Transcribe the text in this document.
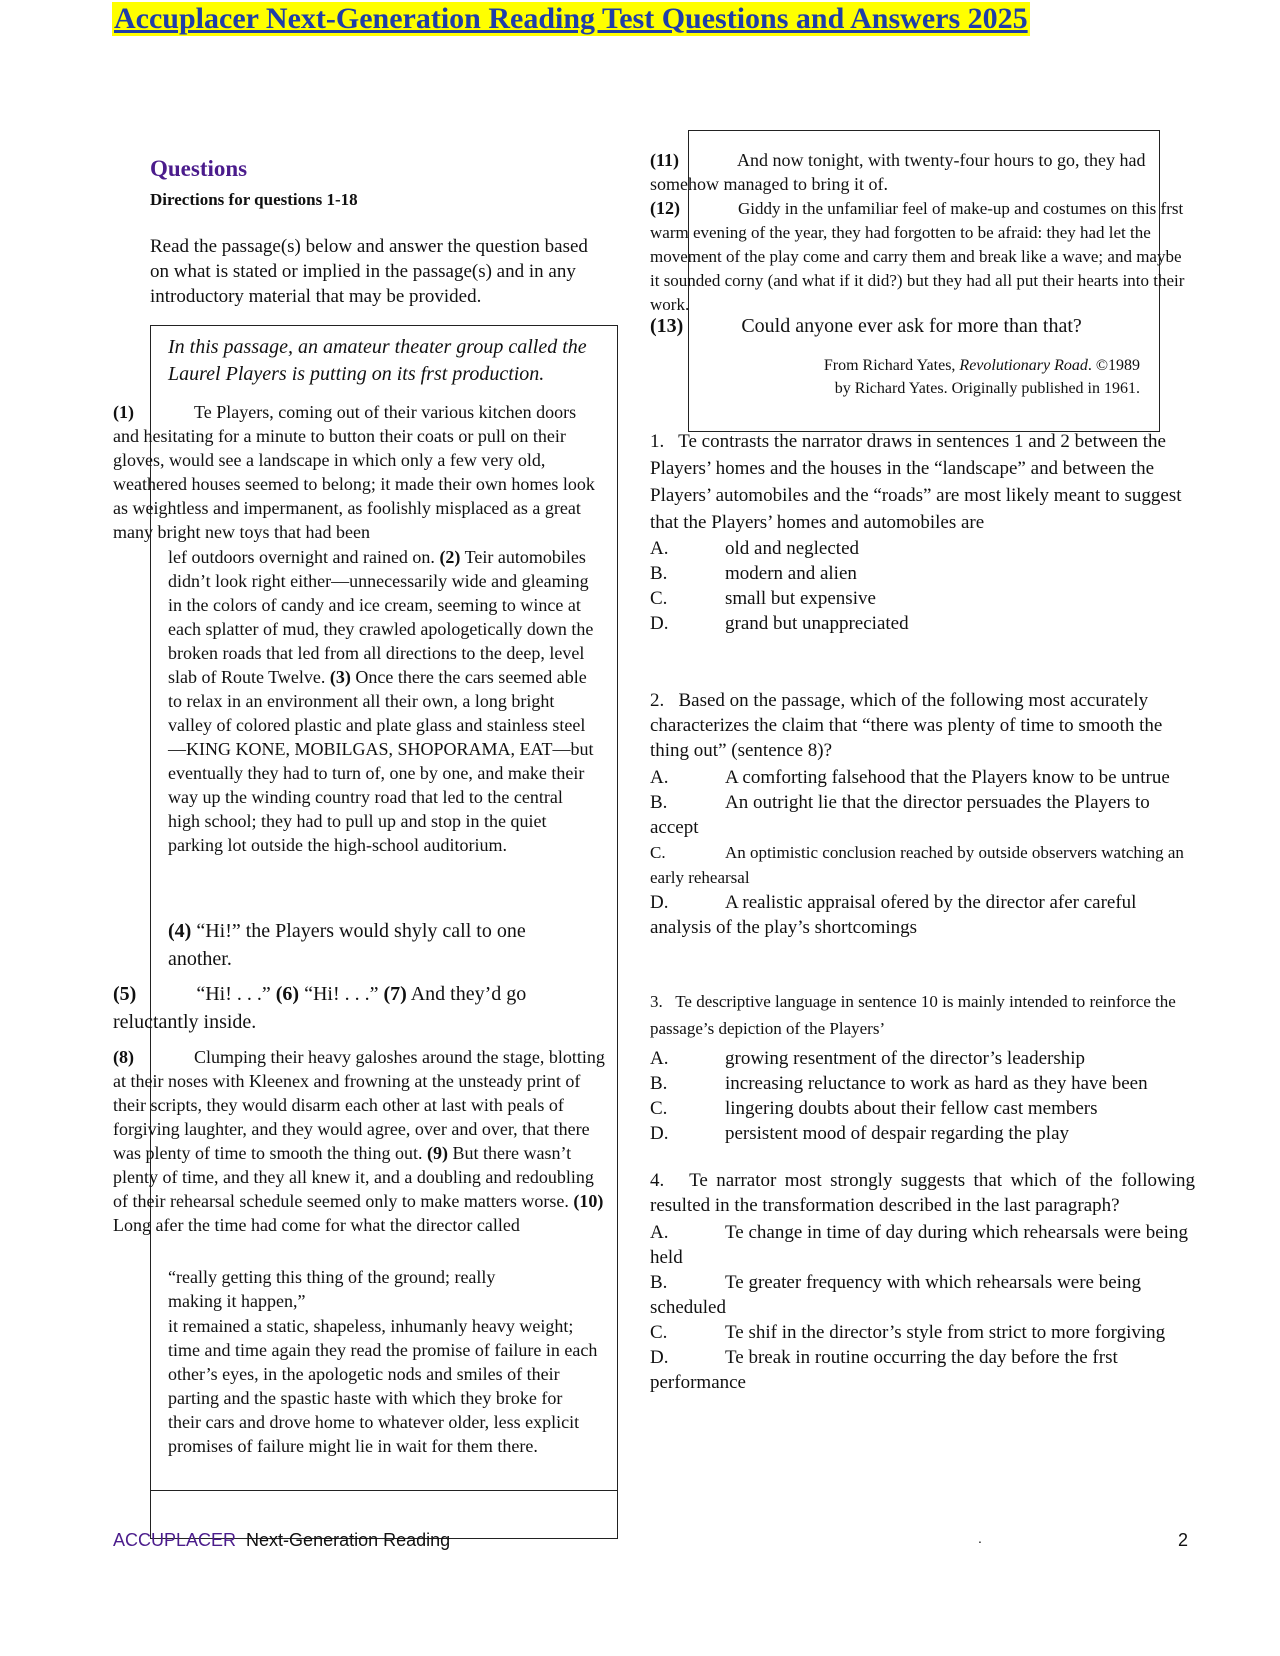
Accuplacer Next-Generation Reading Test Questions and Answers 2025
Questions
Directions for questions 1-18
Read the passage(s) below and answer the question based on what is stated or implied in the passage(s) and in any introductory material that may be provided.
In this passage, an amateur theater group called the Laurel Players is putting on its frst production.
(1)	Te Players, coming out of their various kitchen doors and hesitating for a minute to button their coats or pull on their gloves, would see a landscape in which only a few very old, weathered houses seemed to belong; it made their own homes look as weightless and impermanent, as foolishly misplaced as a great many bright new toys that had been
lef outdoors overnight and rained on. (2) Teir automobiles didn’t look right either—unnecessarily wide and gleaming in the colors of candy and ice cream, seeming to wince at each splatter of mud, they crawled apologetically down the broken roads that led from all directions to the deep, level slab of Route Twelve. (3) Once there the cars seemed able to relax in an environment all their own, a long bright valley of colored plastic and plate glass and stainless steel—KING KONE, MOBILGAS, SHOPORAMA, EAT—but eventually they had to turn of, one by one, and make their way up the winding country road that led to the central high school; they had to pull up and stop in the quiet parking lot outside the high-school auditorium.
(4) “Hi!” the Players would shyly call to one another.
(5)	“Hi! . . .” (6) “Hi! . . .” (7) And they’d go reluctantly inside.
(8)	Clumping their heavy galoshes around the stage, blotting at their noses with Kleenex and frowning at the unsteady print of their scripts, they would disarm each other at last with peals of forgiving laughter, and they would agree, over and over, that there was plenty of time to smooth the thing out. (9) But there wasn’t plenty of time, and they all knew it, and a doubling and redoubling of their rehearsal schedule seemed only to make matters worse. (10) Long afer the time had come for what the director called
“really getting this thing of the ground; really making it happen,”
it remained a static, shapeless, inhumanly heavy weight; time and time again they read the promise of failure in each other’s eyes, in the apologetic nods and smiles of their parting and the spastic haste with which they broke for their cars and drove home to whatever older, less explicit promises of failure might lie in wait for them there.
(11)	And now tonight, with twenty-four hours to go, they had somehow managed to bring it of.
(12)	Giddy in the unfamiliar feel of make-up and costumes on this frst warm evening of the year, they had forgotten to be afraid: they had let the movement of the play come and carry them and break like a wave; and maybe it sounded corny (and what if it did?) but they had all put their hearts into their work.
(13)	Could anyone ever ask for more than that?
From Richard Yates, Revolutionary Road. ©1989
by Richard Yates. Originally published in 1961.
1. Te contrasts the narrator draws in sentences 1 and 2 between the Players’ homes and the houses in the “landscape” and between the Players’ automobiles and the “roads” are most likely meant to suggest that the Players’ homes and automobiles are
A.	old and neglected
B.	modern and alien
C.	small but expensive
D.	grand but unappreciated
2. Based on the passage, which of the following most accurately characterizes the claim that “there was plenty of time to smooth the thing out” (sentence 8)?
A.	A comforting falsehood that the Players know to be untrue
B.	An outright lie that the director persuades the Players to accept
C.	An optimistic conclusion reached by outside observers watching an early rehearsal
D.	A realistic appraisal ofered by the director afer careful analysis of the play’s shortcomings
3. Te descriptive language in sentence 10 is mainly intended to reinforce the passage’s depiction of the Players’
A.	growing resentment of the director’s leadership
B.	increasing reluctance to work as hard as they have been
C.	lingering doubts about their fellow cast members
D.	persistent mood of despair regarding the play
4. Te narrator most strongly suggests that which of the following resulted in the transformation described in the last paragraph?
A.	Te change in time of day during which rehearsals were being held
B.	Te greater frequency with which rehearsals were being scheduled
C.	Te shif in the director’s style from strict to more forgiving
D.	Te break in routine occurring the day before the frst performance
ACCUPLACER Next-Generation Reading	.	2
